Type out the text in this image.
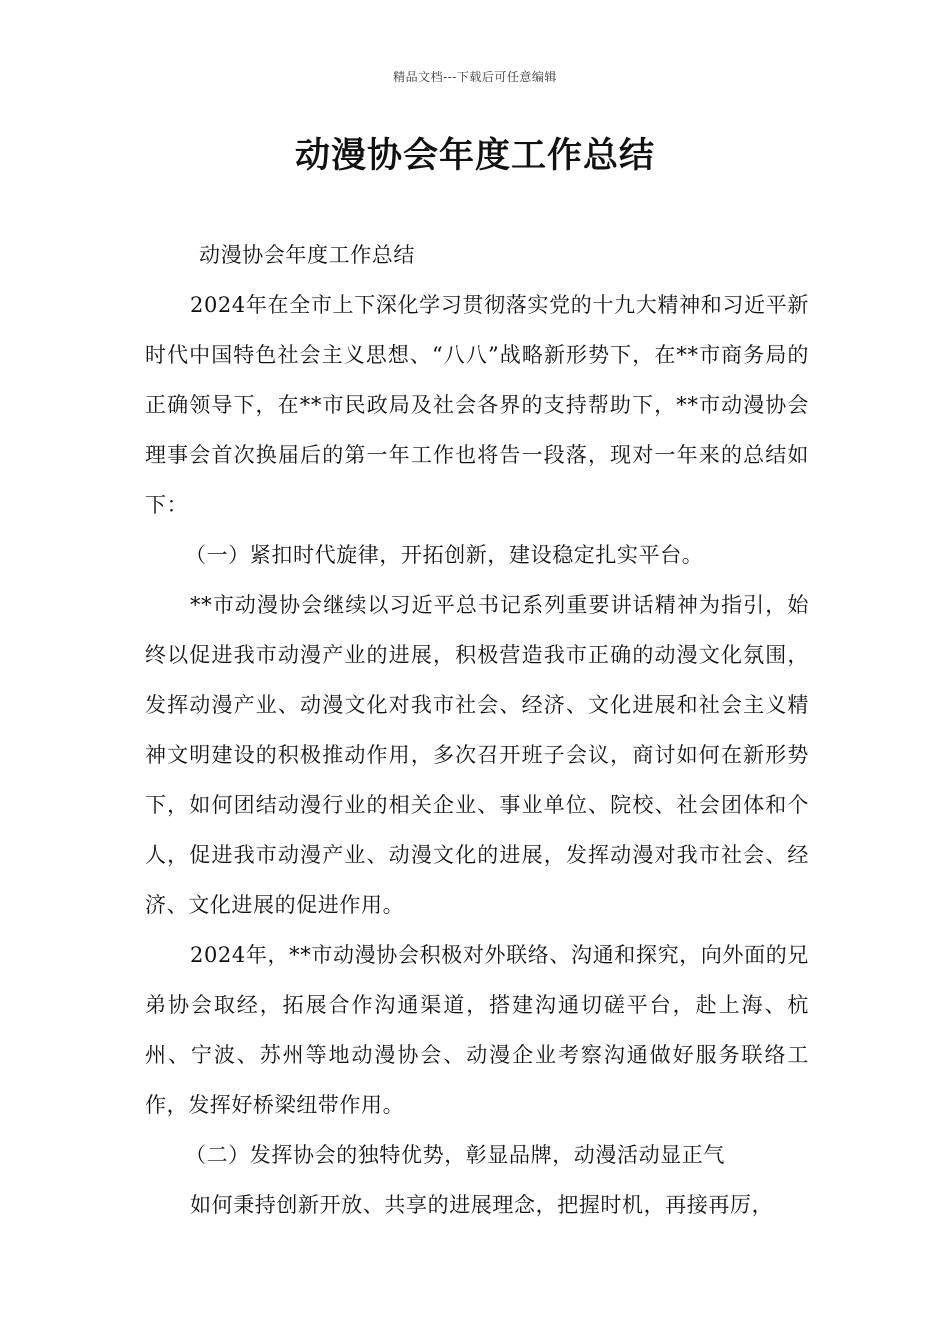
精品文档---下载后可任意编辑
动漫协会年度工作总结

动漫协会年度工作总结

2024年在全市上下深化学习贯彻落实党的十九大精神和习近平新时代中国特色社会主义思想、“八八”战略新形势下，在**市商务局的正确领导下，在**市民政局及社会各界的支持帮助下，**市动漫协会理事会首次换届后的第一年工作也将告一段落，现对一年来的总结如下：

（一）紧扣时代旋律，开拓创新，建设稳定扎实平台。

**市动漫协会继续以习近平总书记系列重要讲话精神为指引，始终以促进我市动漫产业的进展，积极营造我市正确的动漫文化氛围，发挥动漫产业、动漫文化对我市社会、经济、文化进展和社会主义精神文明建设的积极推动作用，多次召开班子会议，商讨如何在新形势下，如何团结动漫行业的相关企业、事业单位、院校、社会团体和个人，促进我市动漫产业、动漫文化的进展，发挥动漫对我市社会、经济、文化进展的促进作用。

2024年，**市动漫协会积极对外联络、沟通和探究，向外面的兄弟协会取经，拓展合作沟通渠道，搭建沟通切磋平台，赴上海、杭州、宁波、苏州等地动漫协会、动漫企业考察沟通做好服务联络工作，发挥好桥梁纽带作用。

（二）发挥协会的独特优势，彰显品牌，动漫活动显正气

如何秉持创新开放、共享的进展理念，把握时机，再接再厉，
